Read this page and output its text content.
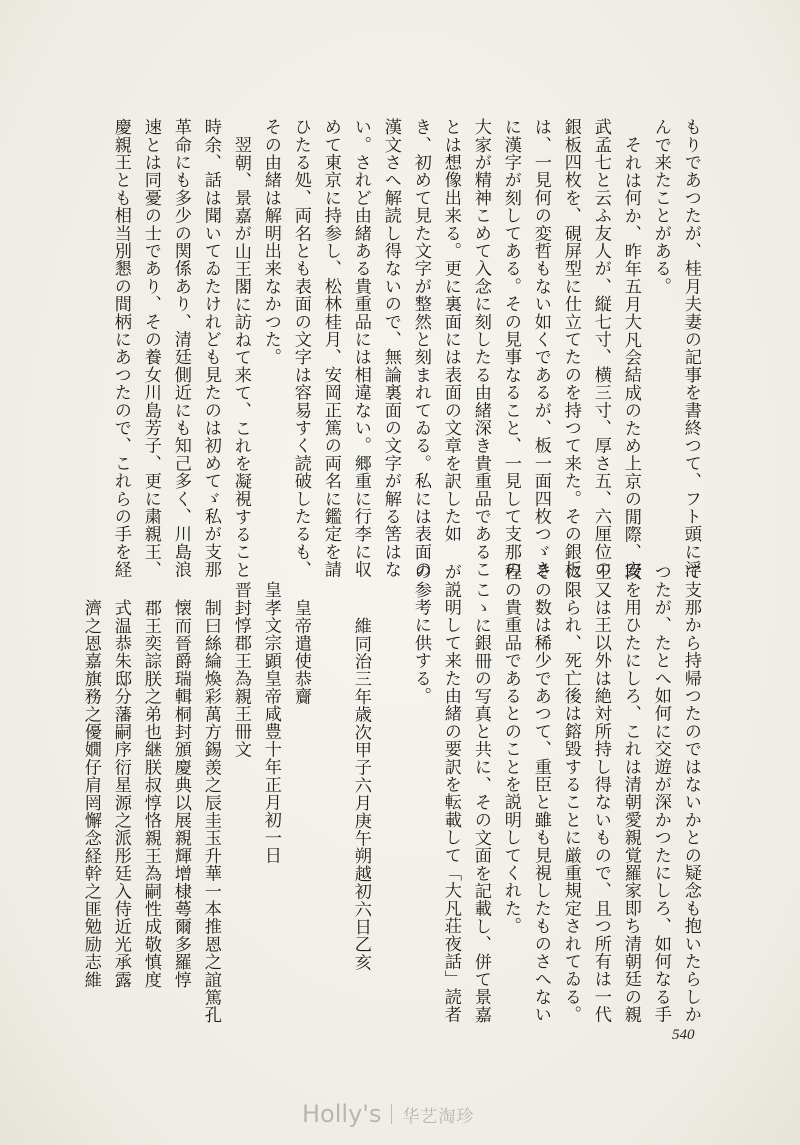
もりであつたが、桂月夫妻の記事を書終つて、フト頭に浮

んで来たことがある。

それは何か、昨年五月大凡会結成のため上京の閒際、安

武孟七と云ふ友人が、縦七寸、横三寸、厚さ五、六厘位の

銀板四枚を、硯屏型に仕立てたのを持つて来た。その銀板

は、一見何の変哲もない如くであるが、板一面四枚つゞき

に漢字が刻してある。その見事なること、一見して支那の

大家が精神こめて入念に刻したる由緒深き貴重品であるこ

とは想像出来る。更に裏面には表面の文章を訳した如

き、初めて見た文字が整然と刻まれてゐる。私には表面の

漢文さへ解読し得ないので、無論裏面の文字が解る筈はな

い。されど由緒ある貴重品には相違ない。郷重に行李に収

めて東京に持参し、松林桂月、安岡正篤の両名に鑑定を請

ひたる処、両名とも表面の文字は容易すく読破したるも、

その由緒は解明出来なかつた。

翌朝、景嘉が山王閣に訪ねて来て、これを凝視すること

時余、話は聞いてゐたけれども見たのは初めてゞ私が支那

革命にも多少の関係あり、清廷側近にも知己多く、川島浪

速とは同憂の士であり、その養女川島芳子、更に粛親王、

慶親王とも相当別懇の間柄にあつたので、これらの手を経

て支那から持帰つたのではないかとの疑念も抱いたらしか

つたが、たとへ如何に交遊が深かつたにしろ、如何なる手

段を用ひたにしろ、これは清朝愛親覚羅家即ち清朝廷の親

王又は王以外は絶対所持し得ないもので、且つ所有は一代

に限られ、死亡後は鎔毀することに厳重規定されてゐる。

その数は稀少であつて、重臣と雖も見視したものさへない

程の貴重品であるとのことを説明してくれた。

こゝに銀冊の写真と共に、その文面を記載し、併て景嘉

が説明して来た由緒の要訳を転載して「大凡荘夜話」読者

の参考に供する。

維同治三年歳次甲子六月庚午朔越初六日乙亥

皇帝遣使恭齎

皇孝文宗顕皇帝咸豊十年正月初一日

晋封惇郡王為親王冊文

制曰絲綸煥彩萬方錫羡之辰圭玉升華一本推恩之誼篤孔

懐而晉爵瑞輯桐封頒慶典以展親輝增棣蕚爾多羅惇

郡王奕誴朕之弟也継朕叔惇恪親王為嗣性成敬慎度

式温恭朱邸分藩嗣序衍星源之派彤廷入侍近光承露

濟之恩嘉旗務之優嫺仔肩罔懈念経幹之匪勉励志維

540
Holly's 华艺淘珍
